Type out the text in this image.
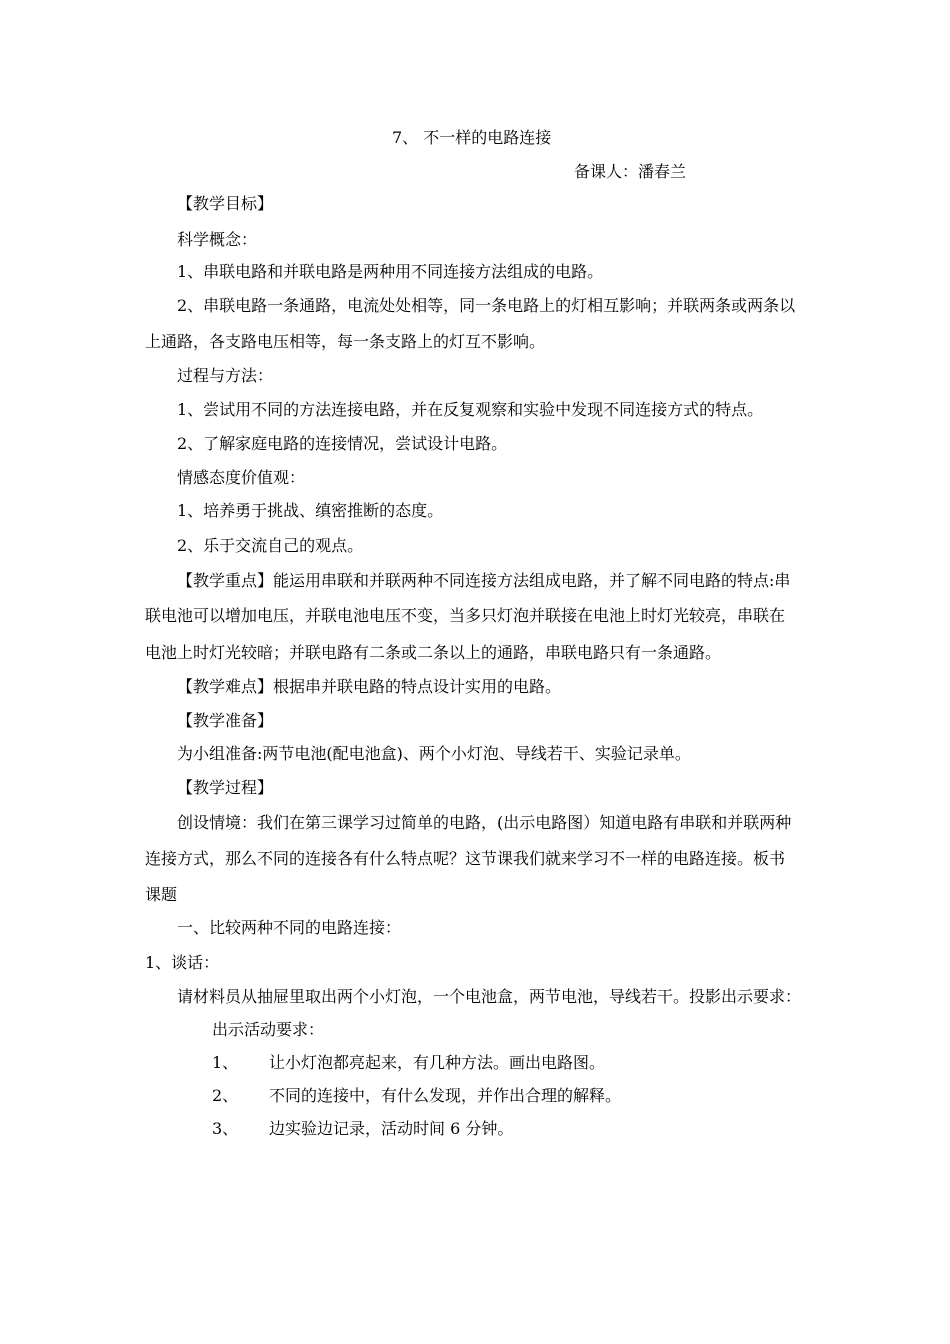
7、 不一样的电路连接
备课人：潘春兰
【教学目标】
科学概念：
1、串联电路和并联电路是两种用不同连接方法组成的电路。
2、串联电路一条通路，电流处处相等，同一条电路上的灯相互影响；并联两条或两条以
上通路，各支路电压相等，每一条支路上的灯互不影响。
过程与方法：
1、尝试用不同的方法连接电路，并在反复观察和实验中发现不同连接方式的特点。
2、了解家庭电路的连接情况，尝试设计电路。
情感态度价值观：
1、培养勇于挑战、缜密推断的态度。
2、乐于交流自己的观点。
【教学重点】能运用串联和并联两种不同连接方法组成电路，并了解不同电路的特点:串
联电池可以增加电压，并联电池电压不变，当多只灯泡并联接在电池上时灯光较亮，串联在
电池上时灯光较暗；并联电路有二条或二条以上的通路，串联电路只有一条通路。
【教学难点】根据串并联电路的特点设计实用的电路。
【教学准备】
为小组准备:两节电池(配电池盒)、两个小灯泡、导线若干、实验记录单。
【教学过程】
创设情境：我们在第三课学习过简单的电路，(出示电路图）知道电路有串联和并联两种
连接方式，那么不同的连接各有什么特点呢？这节课我们就来学习不一样的电路连接。板书
课题
一、比较两种不同的电路连接：
1、谈话：
请材料员从抽屉里取出两个小灯泡，一个电池盒，两节电池，导线若干。投影出示要求：
出示活动要求：
1、 让小灯泡都亮起来，有几种方法。画出电路图。
2、 不同的连接中，有什么发现，并作出合理的解释。
3、 边实验边记录，活动时间 6 分钟。
